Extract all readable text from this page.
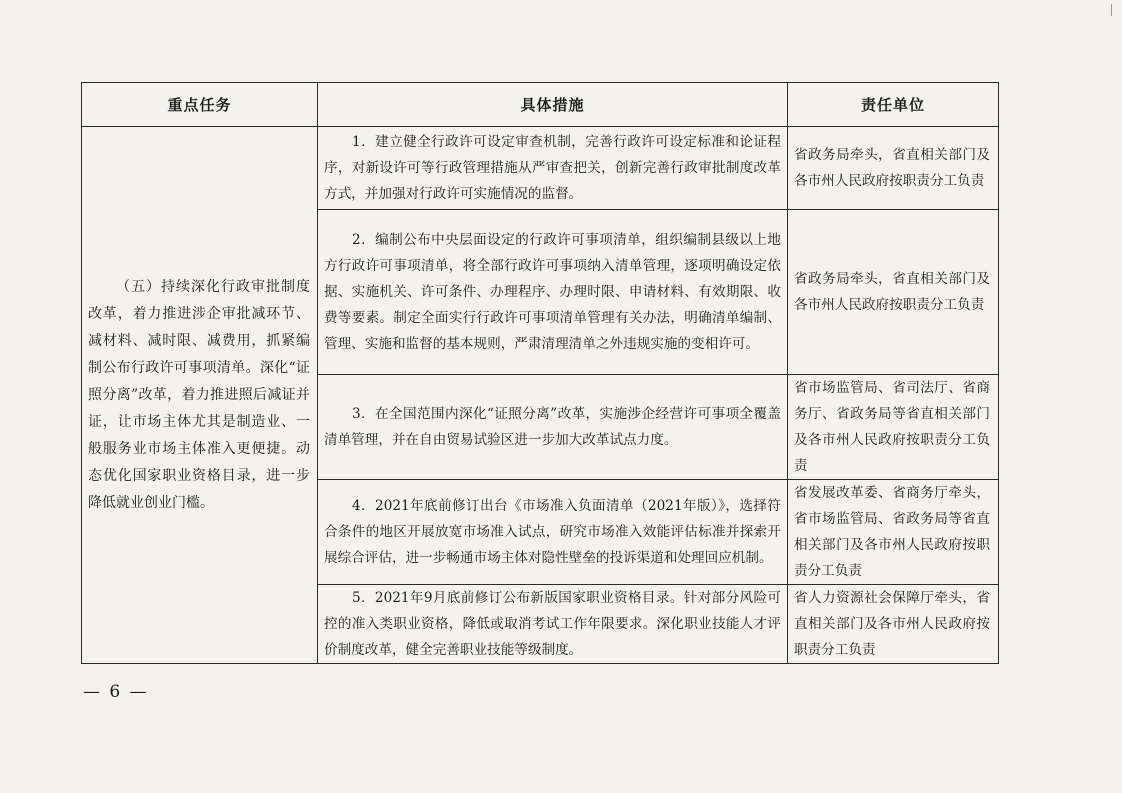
重点任务	具体措施	责任单位

（五）持续深化行政审批制度改革，着力推进涉企审批减环节、减材料、减时限、减费用，抓紧编制公布行政许可事项清单。深化“证照分离”改革，着力推进照后减证并证，让市场主体尤其是制造业、一般服务业市场主体准入更便捷。动态优化国家职业资格目录，进一步降低就业创业门槛。	1．建立健全行政许可设定审查机制，完善行政许可设定标准和论证程序，对新设许可等行政管理措施从严审查把关，创新完善行政审批制度改革方式，并加强对行政许可实施情况的监督。	省政务局牵头，省直相关部门及各市州人民政府按职责分工负责

	2．编制公布中央层面设定的行政许可事项清单，组织编制县级以上地方行政许可事项清单，将全部行政许可事项纳入清单管理，逐项明确设定依据、实施机关、许可条件、办理程序、办理时限、申请材料、有效期限、收费等要素。制定全面实行行政许可事项清单管理有关办法，明确清单编制、管理、实施和监督的基本规则，严肃清理清单之外违规实施的变相许可。	省政务局牵头，省直相关部门及各市州人民政府按职责分工负责

	3．在全国范围内深化“证照分离”改革，实施涉企经营许可事项全覆盖清单管理，并在自由贸易试验区进一步加大改革试点力度。	省市场监管局、省司法厅、省商务厅、省政务局等省直相关部门及各市州人民政府按职责分工负责

	4．2021年底前修订出台《市场准入负面清单（2021年版）》，选择符合条件的地区开展放宽市场准入试点，研究市场准入效能评估标准并探索开展综合评估，进一步畅通市场主体对隐性壁垒的投诉渠道和处理回应机制。	省发展改革委、省商务厅牵头，省市场监管局、省政务局等省直相关部门及各市州人民政府按职责分工负责

	5．2021年9月底前修订公布新版国家职业资格目录。针对部分风险可控的准入类职业资格，降低或取消考试工作年限要求。深化职业技能人才评价制度改革，健全完善职业技能等级制度。	省人力资源社会保障厅牵头，省直相关部门及各市州人民政府按职责分工负责
— 6 —
